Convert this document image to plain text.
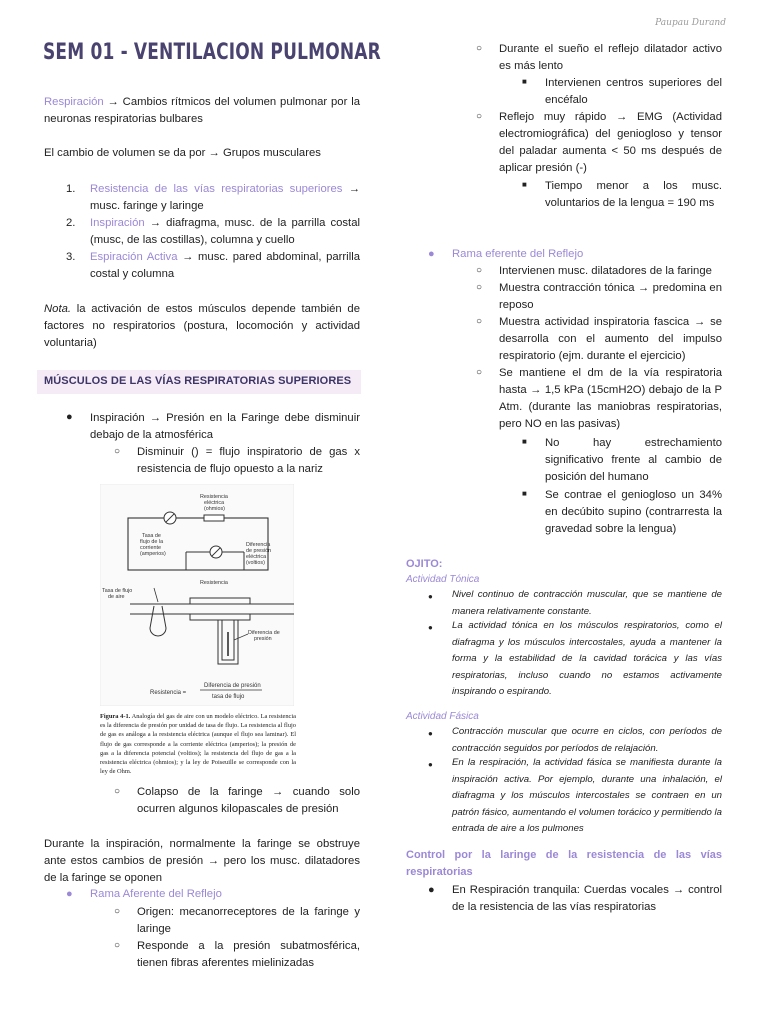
Paupau Durand
SEM 01 - VENTILACION PULMONAR
Respiración → Cambios rítmicos del volumen pulmonar por la neuronas respiratorias bulbares
El cambio de volumen se da por → Grupos musculares
1.	Resistencia de las vías respiratorias superiores → musc. faringe y laringe
2.	Inspiración → diafragma, musc. de la parrilla costal (musc, de las costillas), columna y cuello
3.	Espiración Activa → musc. pared abdominal, parrilla costal y columna
Nota. la activación de estos músculos depende también de factores no respiratorios (postura, locomoción y actividad voluntaria)
MÚSCULOS DE LAS VÍAS RESPIRATORIAS SUPERIORES
● Inspiración → Presión en la Faringe debe disminuir debajo de la atmosférica
○ Disminuir () = flujo inspiratorio de gas x resistencia de flujo opuesto a la nariz
Resistencia
eléctrica
(ohmios)
Tasa de
flujo de la
corriente
(amperios)
Diferencia
de presión
eléctrica
(voltios)
Tasa de flujo
de aire
Resistencia
Diferencia de
presión
Resistencia =
Diferencia de presión
tasa de flujo
Figura 4-1. Analogía del gas de aire con un modelo eléctrico. La resistencia es la diferencia de presión por unidad de tasa de flujo. La resistencia al flujo de gas es análoga a la resistencia eléctrica (aunque el flujo sea laminar). El flujo de gas corresponde a la corriente eléctrica (amperios); la presión de gas a la diferencia potencial (voltios); la resistencia del flujo de gas a la resistencia eléctrica (ohmios); y la ley de Poiseuille se corresponde con la ley de Ohm.
○ Colapso de la faringe → cuando solo ocurren algunos kilopascales de presión
Durante la inspiración, normalmente la faringe se obstruye ante estos cambios de presión → pero los musc. dilatadores de la faringe se oponen
● Rama Aferente del Reflejo
○ Origen: mecanorreceptores de la faringe y laringe
○ Responde a la presión subatmosférica, tienen fibras aferentes mielinizadas
○ Durante el sueño el reflejo dilatador activo es más lento
■ Intervienen centros superiores del encéfalo
○ Reflejo muy rápido → EMG (Actividad electromiográfica) del geniogloso y tensor del paladar aumenta < 50 ms después de aplicar presión (-)
■ Tiempo menor a los musc. voluntarios de la lengua = 190 ms
● Rama eferente del Reflejo
○ Intervienen musc. dilatadores de la faringe
○ Muestra contracción tónica → predomina en reposo
○ Muestra actividad inspiratoria fascica → se desarrolla con el aumento del impulso respiratorio (ejm. durante el ejercicio)
○ Se mantiene el dm de la vía respiratoria hasta → 1,5 kPa (15cmH2O) debajo de la P Atm. (durante las maniobras respiratorias, pero NO en las pasivas)
■ No hay estrechamiento significativo frente al cambio de posición del humano
■ Se contrae el geniogloso un 34% en decúbito supino (contrarresta la gravedad sobre la lengua)
OJITO:
Actividad Tónica
● Nivel continuo de contracción muscular, que se mantiene de manera relativamente constante.
● La actividad tónica en los músculos respiratorios, como el diafragma y los músculos intercostales, ayuda a mantener la forma y la estabilidad de la cavidad torácica y las vías respiratorias, incluso cuando no estamos activamente inspirando o espirando.
Actividad Fásica
● Contracción muscular que ocurre en ciclos, con períodos de contracción seguidos por períodos de relajación.
● En la respiración, la actividad fásica se manifiesta durante la inspiración activa. Por ejemplo, durante una inhalación, el diafragma y los músculos intercostales se contraen en un patrón fásico, aumentando el volumen torácico y permitiendo la entrada de aire a los pulmones
Control por la laringe de la resistencia de las vías respiratorias
● En Respiración tranquila: Cuerdas vocales → control de la resistencia de las vías respiratorias
